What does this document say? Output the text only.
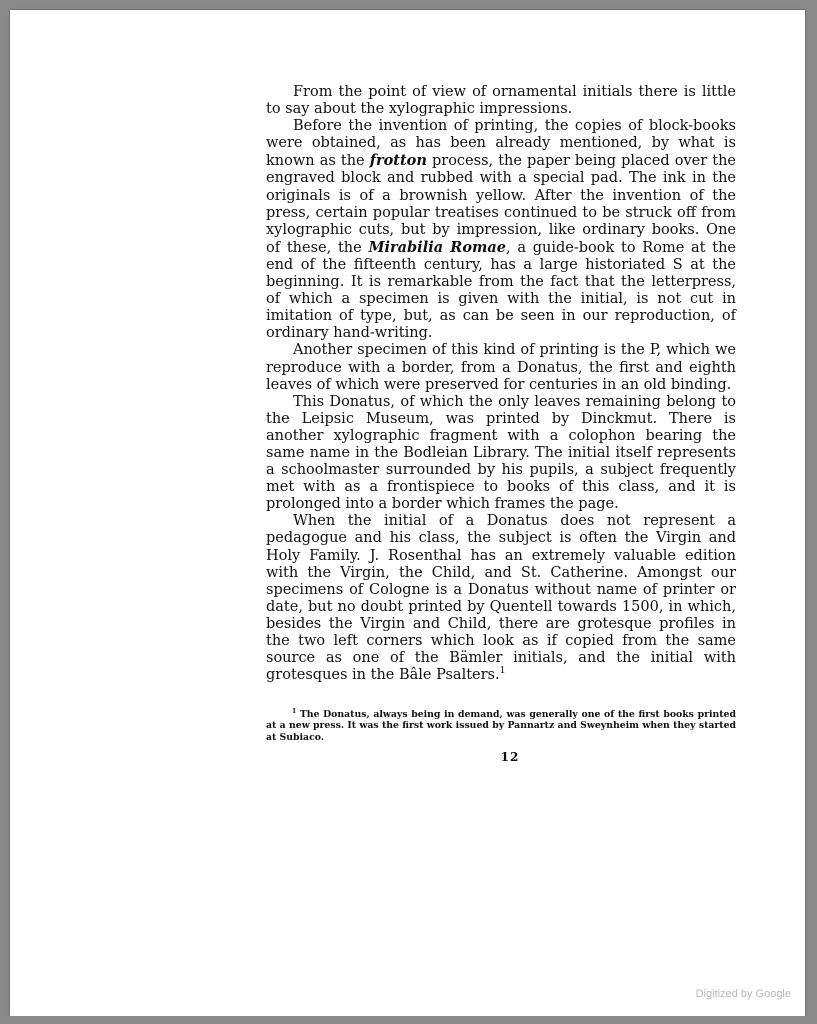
From the point of view of ornamental initials there is little to say about the xylographic impressions.

Before the invention of printing, the copies of block-books were obtained, as has been already mentioned, by what is known as the frotton process, the paper being placed over the engraved block and rubbed with a special pad. The ink in the originals is of a brownish yellow. After the invention of the press, certain popular treatises continued to be struck off from xylographic cuts, but by impression, like ordinary books. One of these, the Mirabilia Romae, a guide-book to Rome at the end of the fifteenth century, has a large historiated S at the beginning. It is remarkable from the fact that the letterpress, of which a specimen is given with the initial, is not cut in imitation of type, but, as can be seen in our reproduction, of ordinary hand-writing.

Another specimen of this kind of printing is the P, which we reproduce with a border, from a Donatus, the first and eighth leaves of which were preserved for centuries in an old binding.

This Donatus, of which the only leaves remaining belong to the Leipsic Museum, was printed by Dinckmut. There is another xylographic fragment with a colophon bearing the same name in the Bodleian Library. The initial itself represents a schoolmaster surrounded by his pupils, a subject frequently met with as a frontispiece to books of this class, and it is prolonged into a border which frames the page.

When the initial of a Donatus does not represent a pedagogue and his class, the subject is often the Virgin and Holy Family. J. Rosenthal has an extremely valuable edition with the Virgin, the Child, and St. Catherine. Amongst our specimens of Cologne is a Donatus without name of printer or date, but no doubt printed by Quentell towards 1500, in which, besides the Virgin and Child, there are grotesque profiles in the two left corners which look as if copied from the same source as one of the Bämler initials, and the initial with grotesques in the Bâle Psalters.$^1$

$^1$ The Donatus, always being in demand, was generally one of the first books printed at a new press. It was the first work issued by Pannartz and Sweynheim when they started at Subiaco.

12
Digitized by Google
